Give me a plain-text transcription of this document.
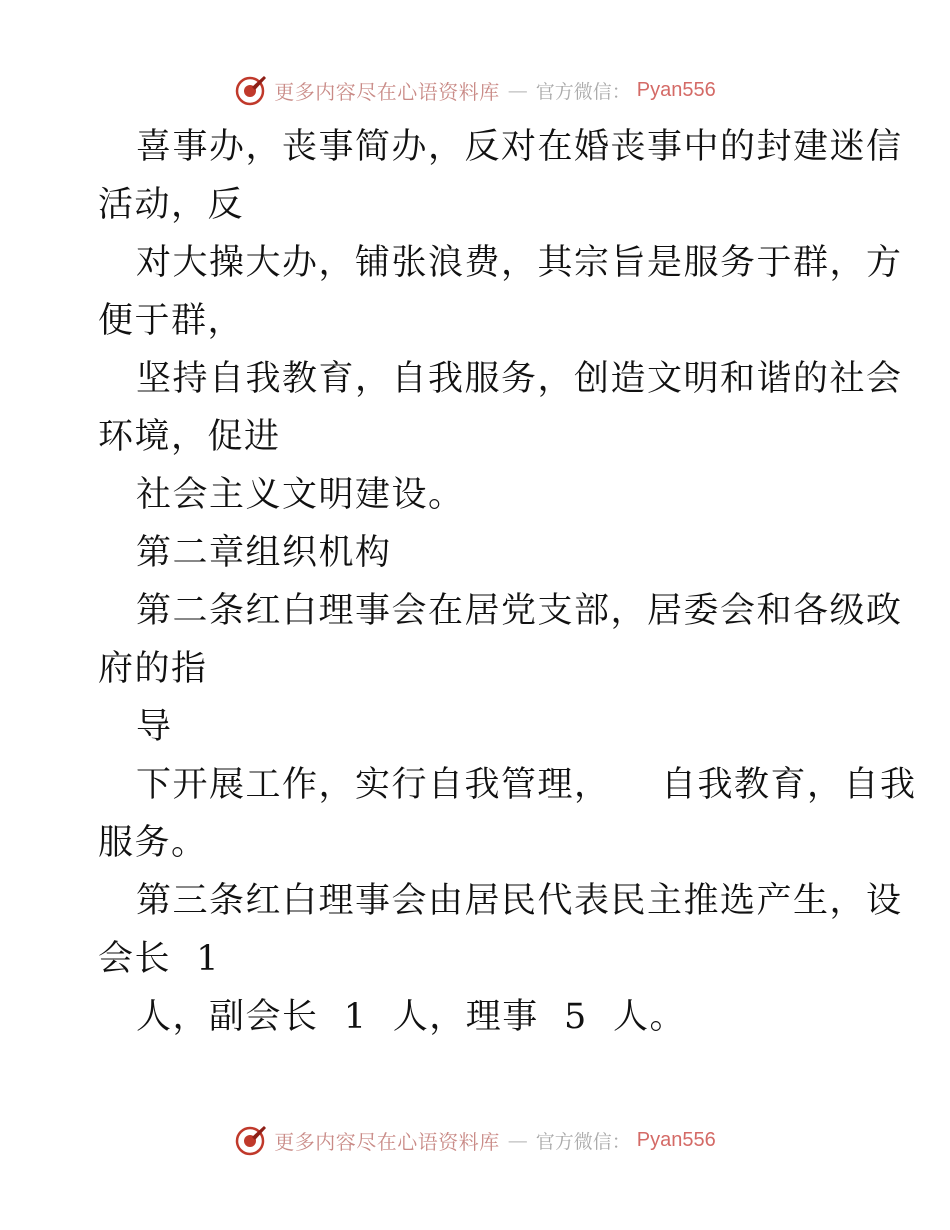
更多内容尽在心语资料库 — 官方微信： Pyan556
喜事办，丧事简办，反对在婚丧事中的封建迷信
活动，反
对大操大办，铺张浪费，其宗旨是服务于群，方
便于群，
坚持自我教育，自我服务，创造文明和谐的社会
环境，促进
社会主义文明建设。
第二章组织机构
第二条红白理事会在居党支部，居委会和各级政
府的指
导
下开展工作，实行自我管理，    自我教育，自我
服务。
第三条红白理事会由居民代表民主推选产生，设
会长  1
人，副会长  1  人，理事  5  人。
更多内容尽在心语资料库 — 官方微信： Pyan556
